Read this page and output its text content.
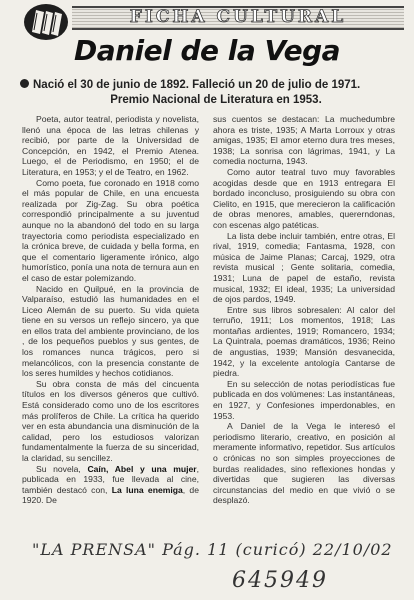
FICHA CULTURAL
Daniel de la Vega
Nació el 30 de junio de 1892. Falleció un 20 de julio de 1971.
Premio Nacional de Literatura en 1953.

Poeta, autor teatral, periodista y novelista, llenó una época de las letras chilenas y recibió, por parte de la Universidad de Concepción, en 1942, el Premio Atenea. Luego, el de Periodismo, en 1950; el de Literatura, en 1953; y el de Teatro, en 1962.

Como poeta, fue coronado en 1918 como el más popular de Chile, en una encuesta realizada por Zig-Zag. Su obra poética correspondió principalmente a su juventud aunque no la abandonó del todo en su larga trayectoria como periodista especializado en la crónica breve, de cuidada y bella forma, en que el comentario ligeramente irónico, algo humorístico, ponía una nota de ternura aun en el caso de estar polemizando.

Nacido en Quilpué, en la provincia de Valparaíso, estudió las humanidades en el Liceo Alemán de su puerto. Su vida quieta tiene en su versos un reflejo sincero, ya que en ellos trata del ambiente provinciano, de los , de los pequeños pueblos y sus gentes, de los romances nunca trágicos, pero si melancólicos, con la presencia constante de los seres humildes y hechos cotidianos.

Su obra consta de más del cincuenta títulos en los diversos géneros que cultivó. Está considerado como uno de los escritores más prolíferos de Chile. La crítica ha querido ver en esta abundancia una disminución de la calidad, pero los estudiosos valorizan fundamentalmente la fuerza de su sinceridad, la claridad, su sencillez.

Su novela, Caín, Abel y una mujer, publicada en 1933, fue llevada al cine, también destacó con, La luna enemiga, de 1920. De

sus cuentos se destacan: La muchedumbre ahora es triste, 1935; A Marta Lorroux y otras amigas, 1935; El amor eterno dura tres meses, 1938; La sonrisa con lágrimas, 1941, y La comedia nocturna, 1943.

Como autor teatral tuvo muy favorables acogidas desde que en 1913 entregara El bordado inconcluso, prosiguiendo su obra con Cielito, en 1915, que merecieron la calificación de obras menores, amables, quererndonas, con escenas algo patéticas.

La lista debe incluir también, entre otras, El rival, 1919, comedia; Fantasma, 1928, con música de Jaime Planas; Carcaj, 1929, otra revista musical ; Gente solitaria, comedia, 1931; Luna de papel de estaño, revista musical, 1932; El ideal, 1935; La universidad de ojos pardos, 1949.

Entre sus libros sobresalen: Al calor del terruño, 1911; Los momentos, 1918; Las montañas ardientes, 1919; Romancero, 1934; La Quintrala, poemas dramáticos, 1936; Reino de angustias, 1939; Mansión desvanecida, 1942, y la excelente antología Cantarse de piedra.

En su selección de notas periodísticas fue publicada en dos volúmenes: Las instantáneas, en 1927, y Confesiones imperdonables, en 1953.

A Daniel de la Vega le interesó el periodismo literario, creativo, en posición al meramente informativo, repetidor. Sus artículos o crónicas no son simples proyecciones de burdas realidades, sino reflexiones hondas y divertidas que sugieren las diversas circunstancias del medio en que vivió o se desplazó.

"LA PRENSA" Pág. 11 (curicó) 22/10/02
645949
